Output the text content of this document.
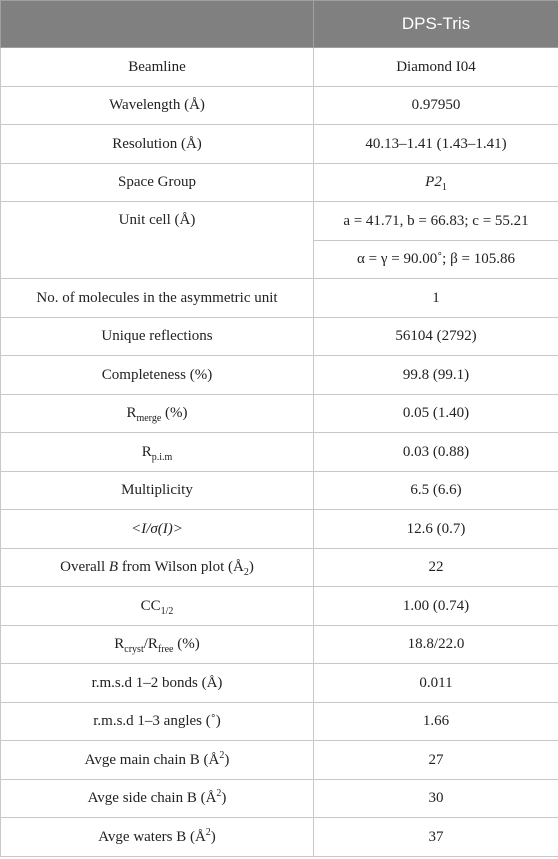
	DPS-Tris
Beamline	Diamond I04
Wavelength (Å)	0.97950
Resolution (Å)	40.13–1.41 (1.43–1.41)
Space Group	$P2_1$
Unit cell (Å)	a = 41.71, b = 66.83; c = 55.21
	α = γ = 90.00˚; β = 105.86
No. of molecules in the asymmetric unit	1
Unique reflections	56104 (2792)
Completeness (%)	99.8 (99.1)
$R_{merge}$ (%)	0.05 (1.40)
$R_{p.i.m}$	0.03 (0.88)
Multiplicity	6.5 (6.6)
<I/σ(I)>	12.6 (0.7)
Overall B from Wilson plot $(Å_2)$	22
$CC_{1/2}$	1.00 (0.74)
$R_{cryst}/R_{free}$ (%)	18.8/22.0
r.m.s.d 1–2 bonds (Å)	0.011
r.m.s.d 1–3 angles (˚)	1.66
Avge main chain B $(Å^2)$	27
Avge side chain B $(Å^2)$	30
Avge waters B $(Å^2)$	37
